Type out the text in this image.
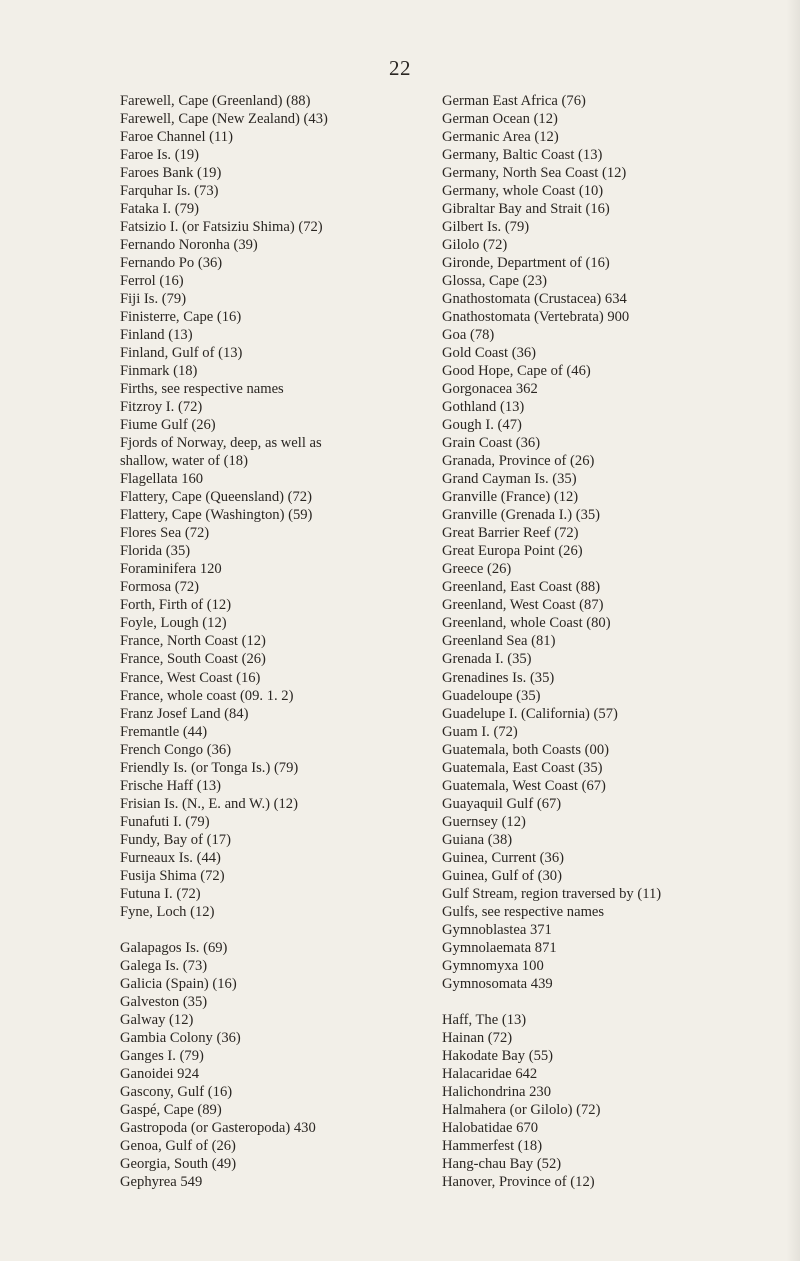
22
Farewell, Cape (Greenland) (88)
Farewell, Cape (New Zealand) (43)
Faroe Channel (11)
Faroe Is. (19)
Faroes Bank (19)
Farquhar Is. (73)
Fataka I. (79)
Fatsizio I. (or Fatsiziu Shima) (72)
Fernando Noronha (39)
Fernando Po (36)
Ferrol (16)
Fiji Is. (79)
Finisterre, Cape (16)
Finland (13)
Finland, Gulf of (13)
Finmark (18)
Firths, see respective names
Fitzroy I. (72)
Fiume Gulf (26)
Fjords of Norway, deep, as well as
shallow, water of (18)
Flagellata 160
Flattery, Cape (Queensland) (72)
Flattery, Cape (Washington) (59)
Flores Sea (72)
Florida (35)
Foraminifera 120
Formosa (72)
Forth, Firth of (12)
Foyle, Lough (12)
France, North Coast (12)
France, South Coast (26)
France, West Coast (16)
France, whole coast (09. 1. 2)
Franz Josef Land (84)
Fremantle (44)
French Congo (36)
Friendly Is. (or Tonga Is.) (79)
Frische Haff (13)
Frisian Is. (N., E. and W.) (12)
Funafuti I. (79)
Fundy, Bay of (17)
Furneaux Is. (44)
Fusija Shima (72)
Futuna I. (72)
Fyne, Loch (12)
Galapagos Is. (69)
Galega Is. (73)
Galicia (Spain) (16)
Galveston (35)
Galway (12)
Gambia Colony (36)
Ganges I. (79)
Ganoidei 924
Gascony, Gulf (16)
Gaspé, Cape (89)
Gastropoda (or Gasteropoda) 430
Genoa, Gulf of (26)
Georgia, South (49)
Gephyrea 549
German East Africa (76)
German Ocean (12)
Germanic Area (12)
Germany, Baltic Coast (13)
Germany, North Sea Coast (12)
Germany, whole Coast (10)
Gibraltar Bay and Strait (16)
Gilbert Is. (79)
Gilolo (72)
Gironde, Department of (16)
Glossa, Cape (23)
Gnathostomata (Crustacea) 634
Gnathostomata (Vertebrata) 900
Goa (78)
Gold Coast (36)
Good Hope, Cape of (46)
Gorgonacea 362
Gothland (13)
Gough I. (47)
Grain Coast (36)
Granada, Province of (26)
Grand Cayman Is. (35)
Granville (France) (12)
Granville (Grenada I.) (35)
Great Barrier Reef (72)
Great Europa Point (26)
Greece (26)
Greenland, East Coast (88)
Greenland, West Coast (87)
Greenland, whole Coast (80)
Greenland Sea (81)
Grenada I. (35)
Grenadines Is. (35)
Guadeloupe (35)
Guadelupe I. (California) (57)
Guam I. (72)
Guatemala, both Coasts (00)
Guatemala, East Coast (35)
Guatemala, West Coast (67)
Guayaquil Gulf (67)
Guernsey (12)
Guiana (38)
Guinea, Current (36)
Guinea, Gulf of (30)
Gulf Stream, region traversed by (11)
Gulfs, see respective names
Gymnoblastea 371
Gymnolaemata 871
Gymnomyxa 100
Gymnosomata 439
Haff, The (13)
Hainan (72)
Hakodate Bay (55)
Halacaridae 642
Halichondrina 230
Halmahera (or Gilolo) (72)
Halobatidae 670
Hammerfest (18)
Hang-chau Bay (52)
Hanover, Province of (12)
